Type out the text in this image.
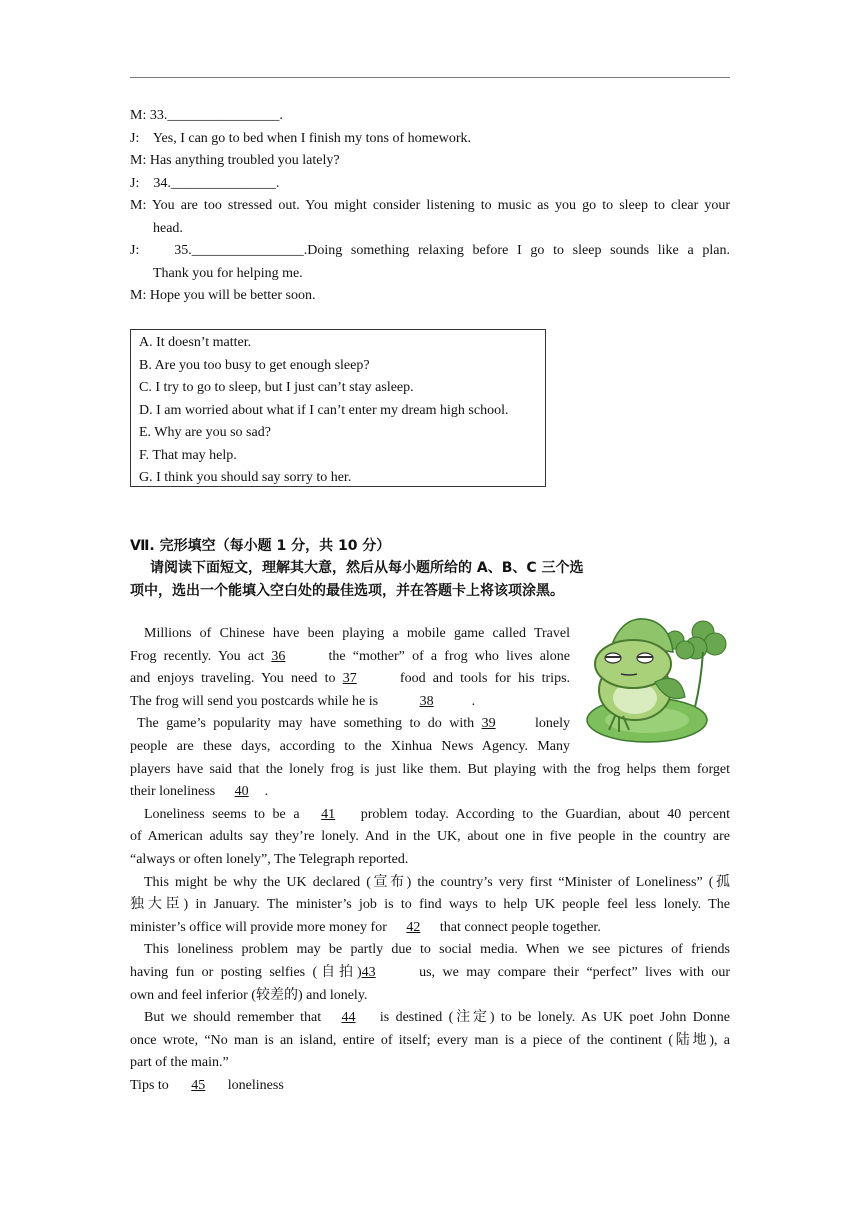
M: 33.________________.
J: Yes, I can go to bed when I finish my tons of homework.
M: Has anything troubled you lately?
J: 34._______________.
M: You are too stressed out. You might consider listening to music as you go to sleep to clear your
head.
J: 35.________________.Doing something relaxing before I go to sleep sounds like a plan.
Thank you for helping me.
M: Hope you will be better soon.
A. It doesn’t matter.
B. Are you too busy to get enough sleep?
C. I try to go to sleep, but I just can’t stay asleep.
D. I am worried about what if I can’t enter my dream high school.
E. Why are you so sad?
F. That may help.
G. I think you should say sorry to her.
Ⅶ. 完形填空（每小题 1 分，共 10 分）
请阅读下面短文，理解其大意，然后从每小题所给的 A、B、C 三个选
项中，选出一个能填入空白处的最佳选项，并在答题卡上将该项涂黑。
Millions of Chinese have been playing a mobile game called Travel
Frog recently. You act 36	the “mother” of a frog who lives alone
and enjoys traveling. You need to 37	food and tools for his trips.
The frog will send you postcards while he is	38	.
The game’s popularity may have something to do with 39	lonely
people are these days, according to the Xinhua News Agency. Many
players have said that the lonely frog is just like them. But playing with the frog helps them forget
their loneliness 40 .
Loneliness seems to be a 41 problem today. According to the Guardian, about 40 percent
of American adults say they’re lonely. And in the UK, about one in five people in the country are
“always or often lonely”, The Telegraph reported.
This might be why the UK declared (宣布) the country’s very first “Minister of Loneliness” (孤
独大臣) in January. The minister’s job is to find ways to help UK people feel less lonely. The
minister’s office will provide more money for 42 that connect people together.
This loneliness problem may be partly due to social media. When we see pictures of friends
having fun or posting selfies (自拍)43	us, we may compare their “perfect” lives with our
own and feel inferior (较差的) and lonely.
But we should remember that 44 is destined (注定) to be lonely. As UK poet John Donne
once wrote, “No man is an island, entire of itself; every man is a piece of the continent (陆地), a
part of the main.”
Tips to 45 loneliness
